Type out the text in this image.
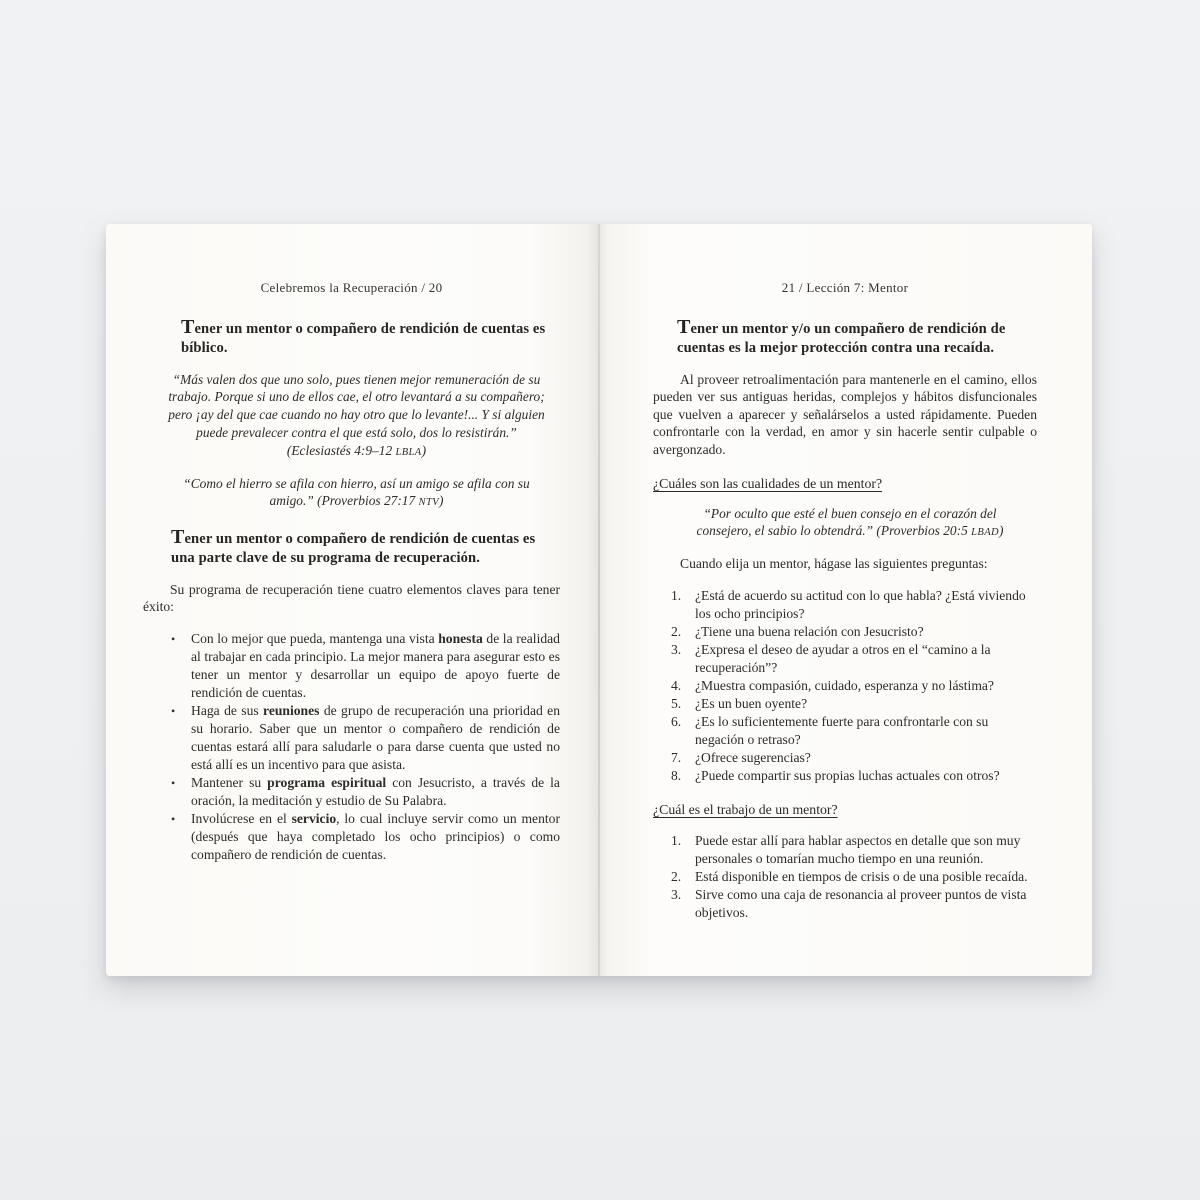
Celebremos la Recuperación / 20

Tener un mentor o compañero de rendición de cuentas es bíblico.

“Más valen dos que uno solo, pues tienen mejor remuneración de su trabajo. Porque si uno de ellos cae, el otro levantará a su compañero; pero ¡ay del que cae cuando no hay otro que lo levante!... Y si alguien puede prevalecer contra el que está solo, dos lo resistirán.” (Eclesiastés 4:9–12 LBLA)
“Como el hierro se afila con hierro, así un amigo se afila con su amigo.” (Proverbios 27:17 NTV)

Tener un mentor o compañero de rendición de cuentas es una parte clave de su programa de recuperación.

Su programa de recuperación tiene cuatro elementos claves para tener éxito:

•	Con lo mejor que pueda, mantenga una vista honesta de la realidad al trabajar en cada principio. La mejor manera para asegurar esto es tener un mentor y desarrollar un equipo de apoyo fuerte de rendición de cuentas.
•	Haga de sus reuniones de grupo de recuperación una prioridad en su horario. Saber que un mentor o compañero de rendición de cuentas estará allí para saludarle o para darse cuenta que usted no está allí es un incentivo para que asista.
•	Mantener su programa espiritual con Jesucristo, a través de la oración, la meditación y estudio de Su Palabra.
•	Involúcrese en el servicio, lo cual incluye servir como un mentor (después que haya completado los ocho principios) o como compañero de rendición de cuentas.
21 / Lección 7: Mentor

Tener un mentor y/o un compañero de rendición de cuentas es la mejor protección contra una recaída.

Al proveer retroalimentación para mantenerle en el camino, ellos pueden ver sus antiguas heridas, complejos y hábitos disfuncionales que vuelven a aparecer y señalárselos a usted rápidamente. Pueden confrontarle con la verdad, en amor y sin hacerle sentir culpable o avergonzado.

¿Cuáles son las cualidades de un mentor?
“Por oculto que esté el buen consejo en el corazón del consejero, el sabio lo obtendrá.” (Proverbios 20:5 LBAD)

Cuando elija un mentor, hágase las siguientes preguntas:

1.	¿Está de acuerdo su actitud con lo que habla? ¿Está viviendo los ocho principios?
2.	¿Tiene una buena relación con Jesucristo?
3.	¿Expresa el deseo de ayudar a otros en el “camino a la recuperación”?
4.	¿Muestra compasión, cuidado, esperanza y no lástima?
5.	¿Es un buen oyente?
6.	¿Es lo suficientemente fuerte para confrontarle con su negación o retraso?
7.	¿Ofrece sugerencias?
8.	¿Puede compartir sus propias luchas actuales con otros?
¿Cuál es el trabajo de un mentor?
1.	Puede estar allí para hablar aspectos en detalle que son muy personales o tomarían mucho tiempo en una reunión.
2.	Está disponible en tiempos de crisis o de una posible recaída.
3.	Sirve como una caja de resonancia al proveer puntos de vista objetivos.
